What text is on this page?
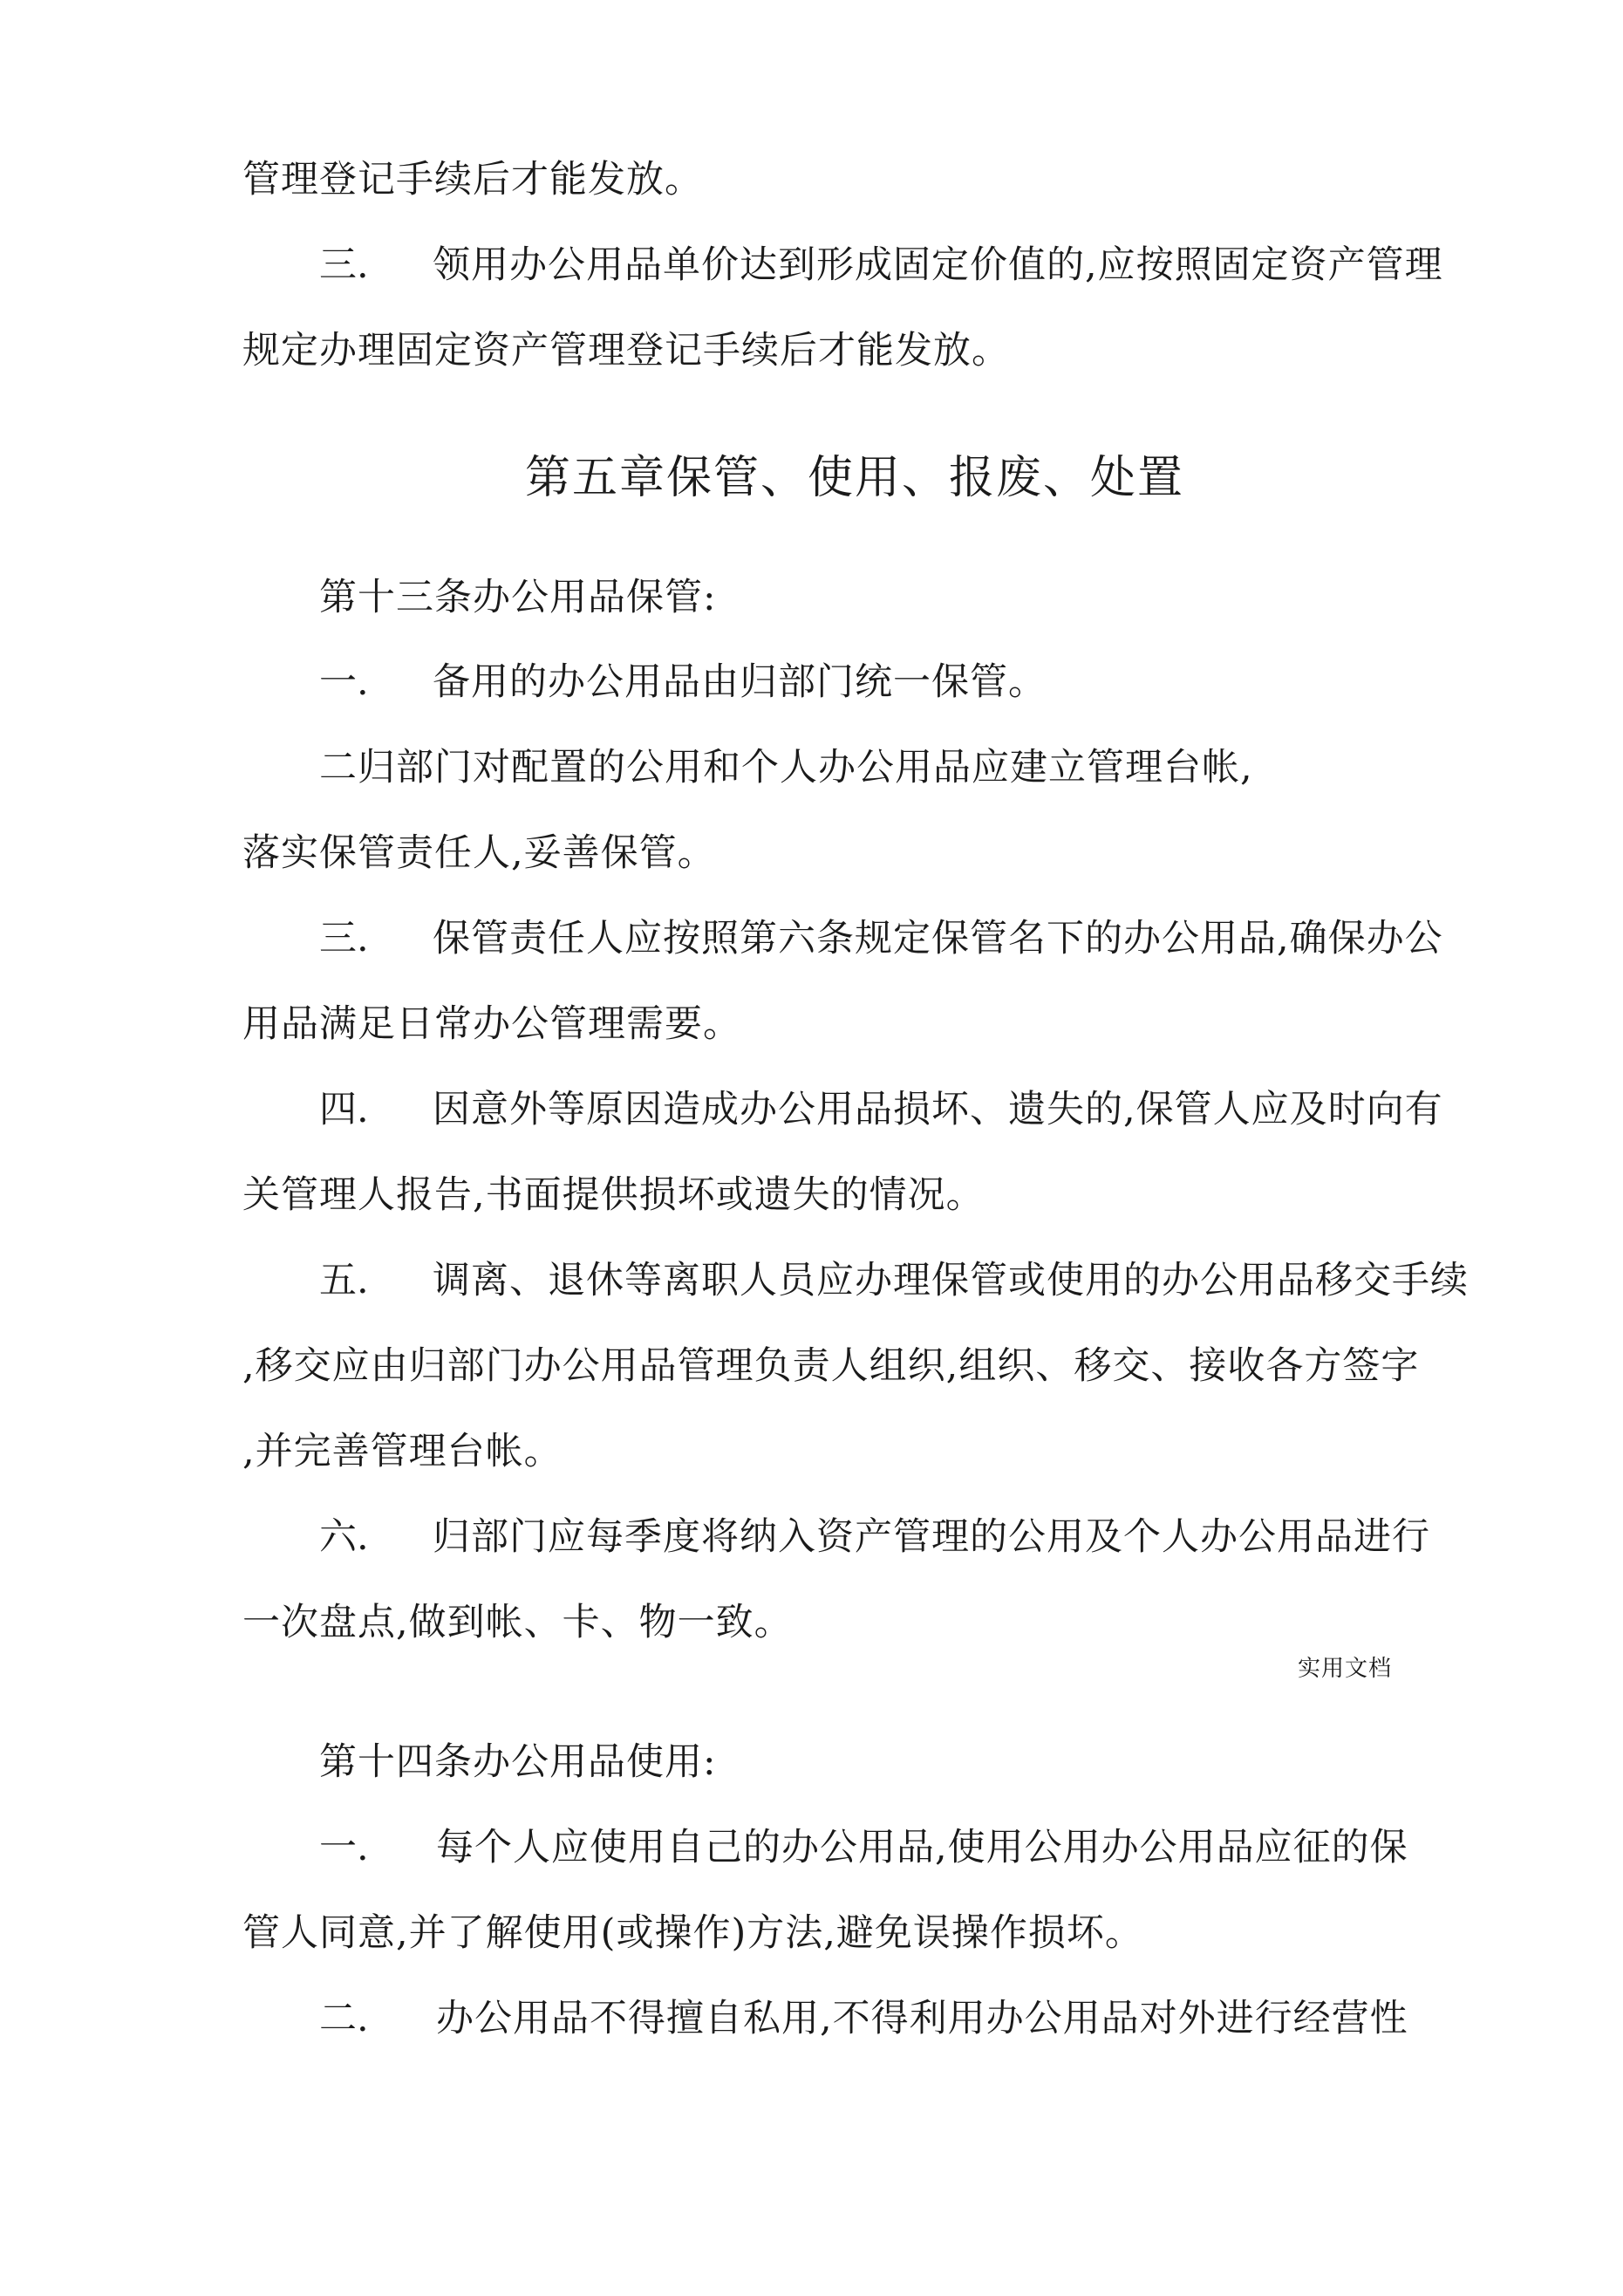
管理登记手续后才能发放。
三. 领用办公用品单价达到形成固定价值的,应按照固定资产管理
规定办理固定资产管理登记手续后才能发放。
第五章保管、使用、报废、处置
第十三条办公用品保管:
一. 备用的办公用品由归部门统一保管。
二归部门对配置的公用和个人办公用品应建立管理台帐,
落实保管责任人,妥善保管。
三. 保管责任人应按照第六条规定保管名下的办公用品,确保办公
用品满足日常办公管理需要。
四. 因意外等原因造成办公用品损坏、遗失的,保管人应及时向有
关管理人报告,书面提供损坏或遗失的情况。
五. 调离、退休等离职人员应办理保管或使用的办公用品移交手续
,移交应由归部门办公用品管理负责人组织,组织、移交、接收各方签字
,并完善管理台帐。
六. 归部门应每季度将纳入资产管理的公用及个人办公用品进行
一次盘点,做到帐、卡、物一致。
实用文档
第十四条办公用品使用:
一. 每个人应使用自己的办公用品,使用公用办公用品应征的保
管人同意,并了解使用(或操作)方法,避免误操作损坏。
二. 办公用品不得擅自私用,不得利用办公用品对外进行经营性
